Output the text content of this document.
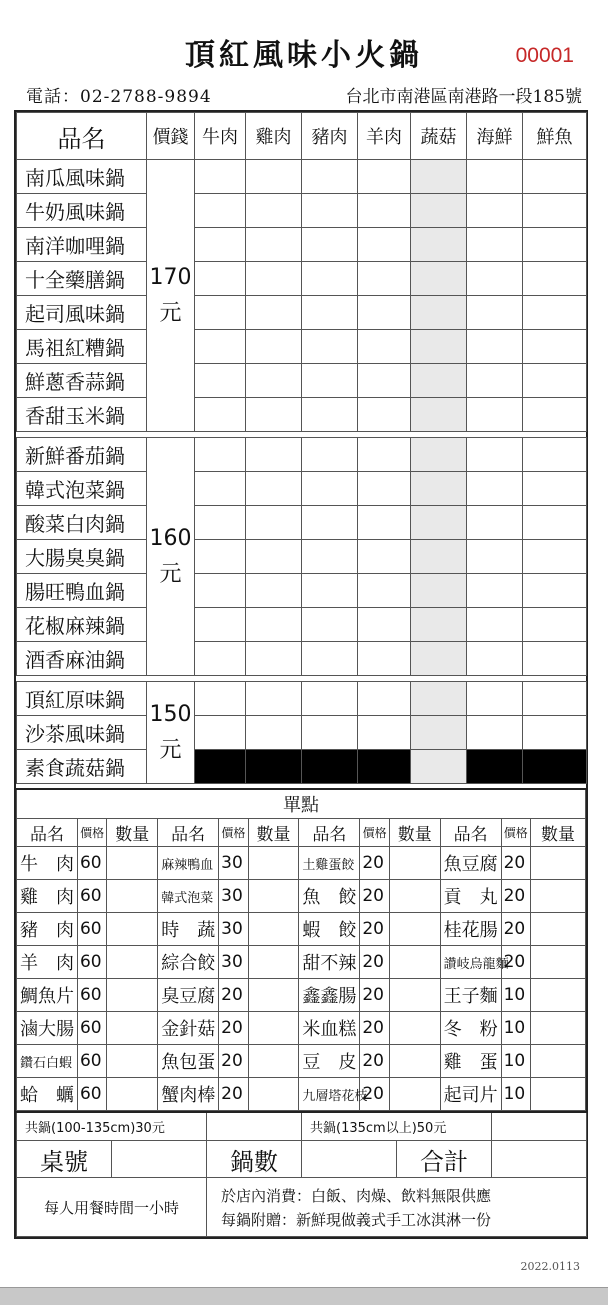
頂紅風味小火鍋	00001
電話：02-2788-9894	台北市南港區南港路一段185號
品名	價錢	牛肉	雞肉	豬肉	羊肉	蔬菇	海鮮	鮮魚
南瓜風味鍋	170
元							

牛奶風味鍋								
南洋咖哩鍋								
十全藥膳鍋								
起司風味鍋								
馬祖紅糟鍋								
鮮蔥香蒜鍋								
香甜玉米鍋								

新鮮番茄鍋	160
元							

韓式泡菜鍋								
酸菜白肉鍋								
大腸臭臭鍋								
腸旺鴨血鍋								
花椒麻辣鍋								
酒香麻油鍋								

頂紅原味鍋	150
元							

沙茶風味鍋								
素食蔬菇鍋								
單點											
品名	價格	數量	品名	價格	數量	品名	價格	數量	品名	價格	數量
牛　肉	60		麻辣鴨血	30		土雞蛋餃	20		魚豆腐	20	
雞　肉	60		韓式泡菜	30		魚　餃	20		貢　丸	20	
豬　肉	60		時　蔬	30		蝦　餃	20		桂花腸	20	
羊　肉	60		綜合餃	30		甜不辣	20		讚岐烏龍麵	20	
鯛魚片	60		臭豆腐	20		鑫鑫腸	20		王子麵	10	
滷大腸	60		金針菇	20		米血糕	20		冬　粉	10	
鑽石白蝦	60		魚包蛋	20		豆　皮	20		雞　蛋	10	
蛤　蠣	60		蟹肉棒	20		九層塔花枝	20		起司片	10	
共鍋(100-135cm)30元			共鍋(135cm以上)50元		
桌號		鍋數		合計	
每人用餐時間一小時		於店內消費：白飯、肉燥、飲料無限供應
每鍋附贈：新鮮現做義式手工冰淇淋一份			
2022.0113
